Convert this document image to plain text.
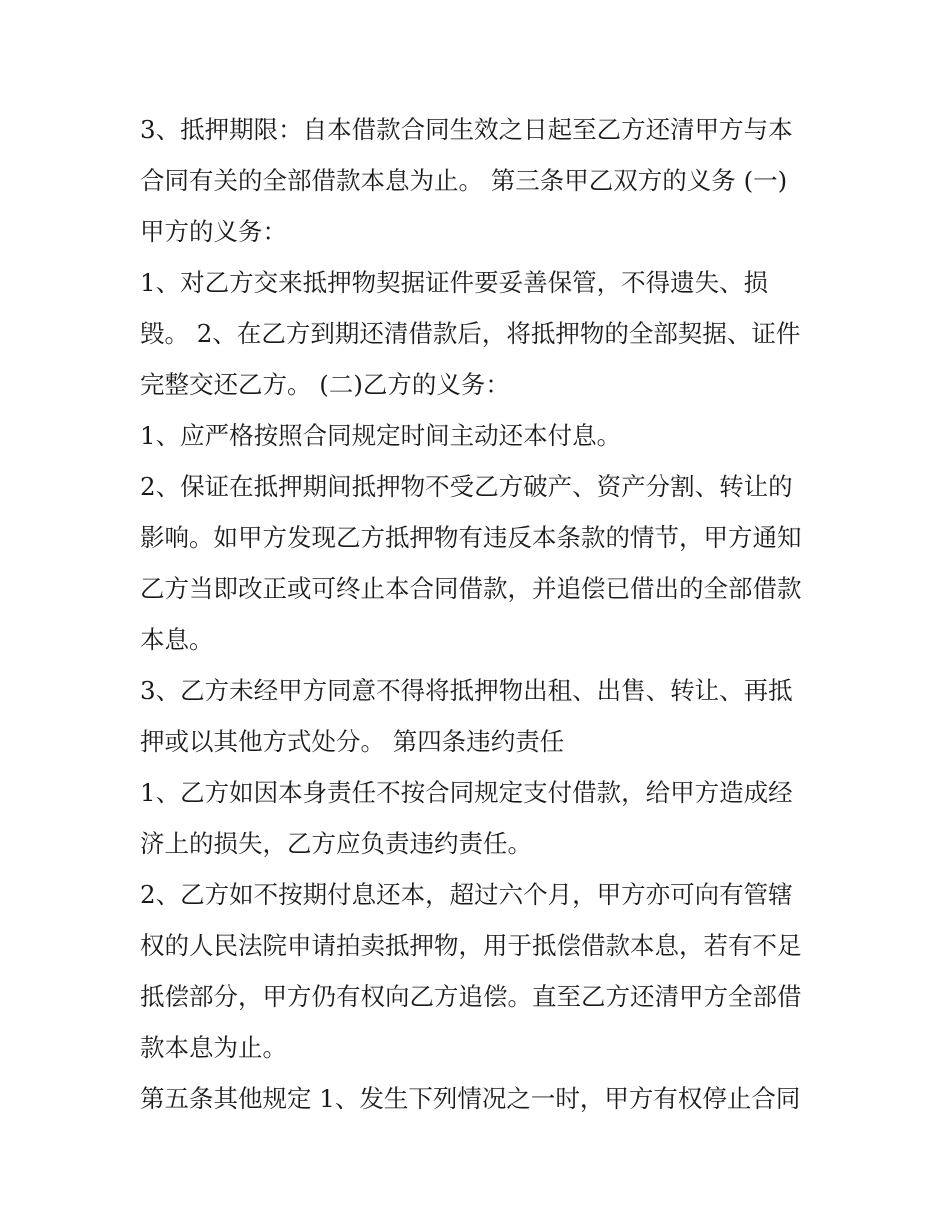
3、抵押期限：自本借款合同生效之日起至乙方还清甲方与本
合同有关的全部借款本息为止。 第三条甲乙双方的义务 (一)
甲方的义务：
1、对乙方交来抵押物契据证件要妥善保管，不得遗失、损
毁。 2、在乙方到期还清借款后，将抵押物的全部契据、证件
完整交还乙方。 (二)乙方的义务：
1、应严格按照合同规定时间主动还本付息。
2、保证在抵押期间抵押物不受乙方破产、资产分割、转让的
影响。如甲方发现乙方抵押物有违反本条款的情节，甲方通知
乙方当即改正或可终止本合同借款，并追偿已借出的全部借款
本息。
3、乙方未经甲方同意不得将抵押物出租、出售、转让、再抵
押或以其他方式处分。 第四条违约责任
1、乙方如因本身责任不按合同规定支付借款，给甲方造成经
济上的损失，乙方应负责违约责任。
2、乙方如不按期付息还本，超过六个月，甲方亦可向有管辖
权的人民法院申请拍卖抵押物，用于抵偿借款本息，若有不足
抵偿部分，甲方仍有权向乙方追偿。直至乙方还清甲方全部借
款本息为止。
第五条其他规定 1、发生下列情况之一时，甲方有权停止合同
